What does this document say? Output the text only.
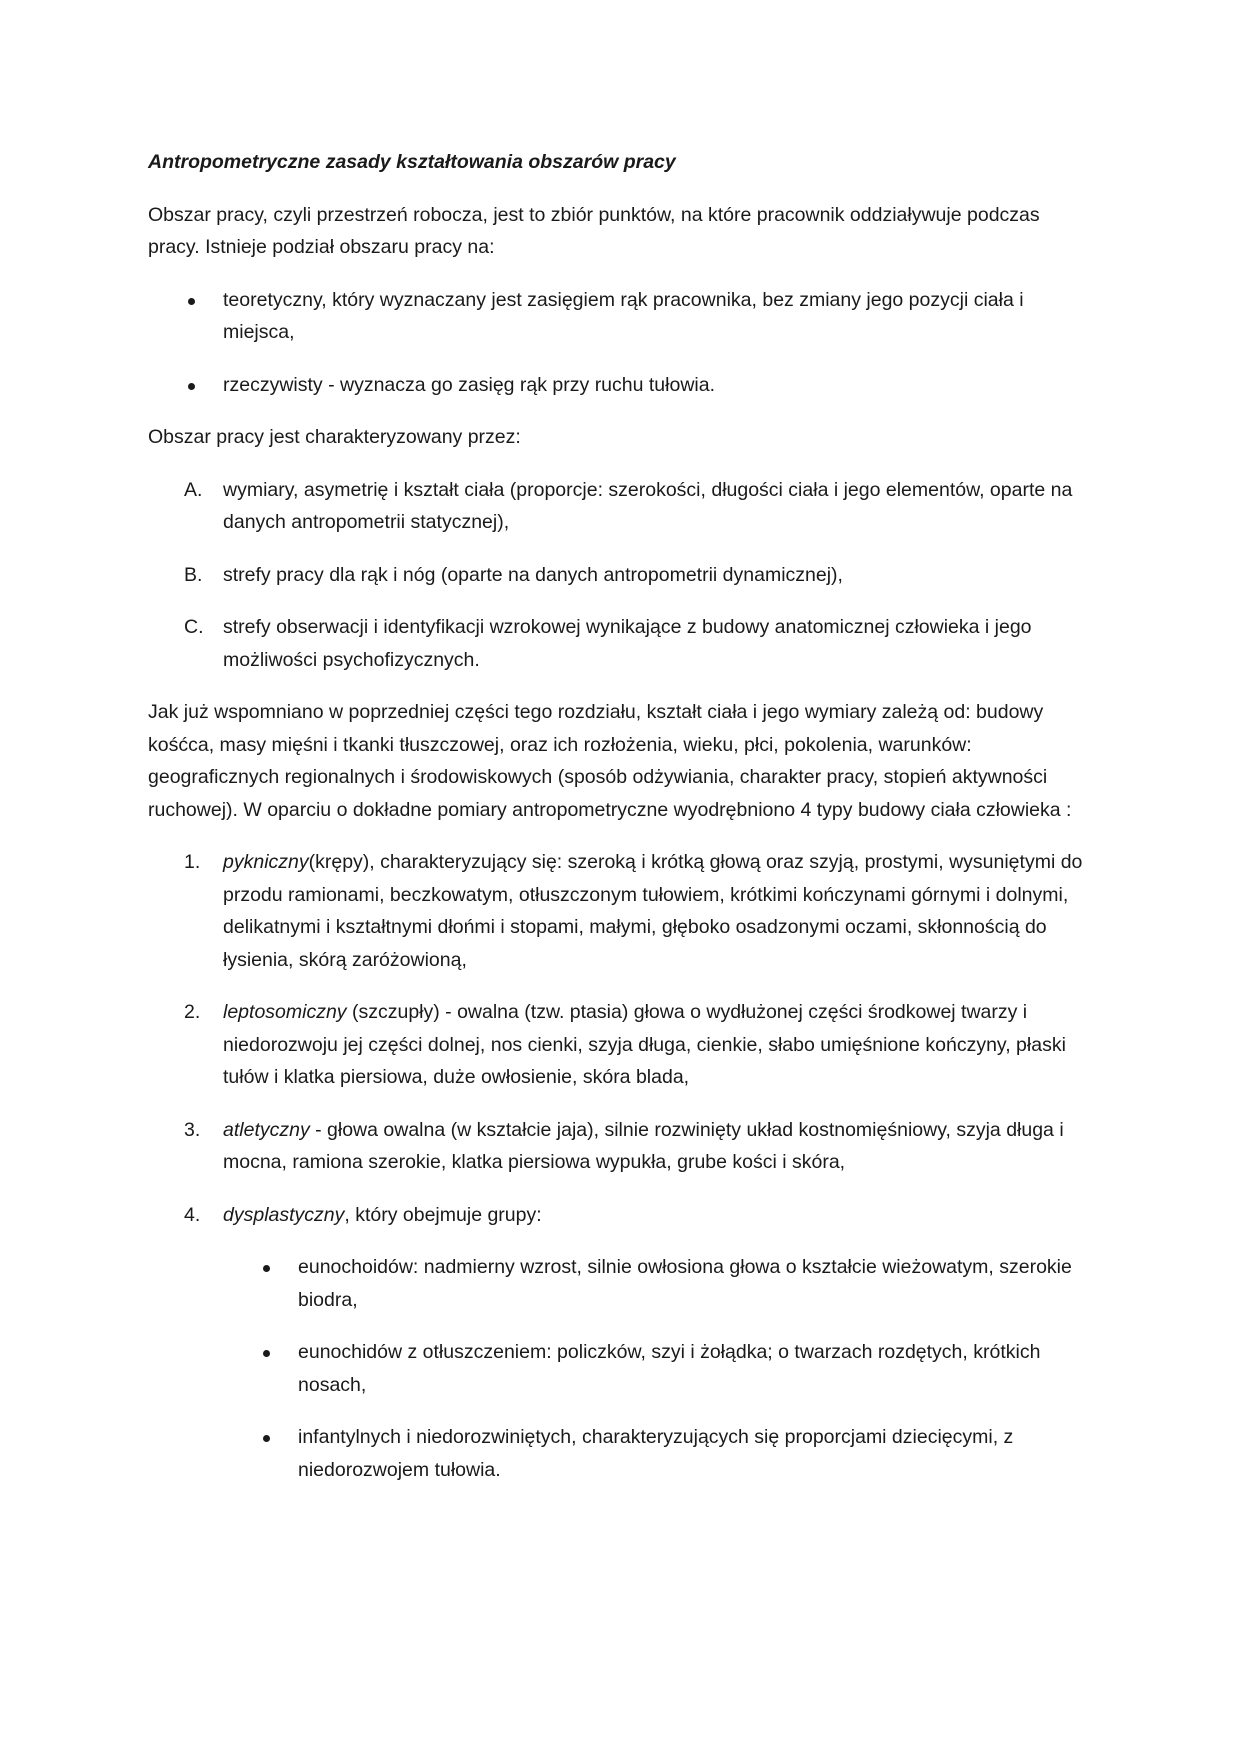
Antropometryczne zasady kształtowania obszarów pracy

Obszar pracy, czyli przestrzeń robocza, jest to zbiór punktów, na które pracownik oddziaływuje podczas pracy. Istnieje podział obszaru pracy na:

teoretyczny, który wyznaczany jest zasięgiem rąk pracownika, bez zmiany jego pozycji ciała i miejsca,
rzeczywisty - wyznacza go zasięg rąk przy ruchu tułowia.

Obszar pracy jest charakteryzowany przez:

A. wymiary, asymetrię i kształt ciała (proporcje: szerokości, długości ciała i jego elementów, oparte na danych antropometrii statycznej),
B. strefy pracy dla rąk i nóg (oparte na danych antropometrii dynamicznej),
C. strefy obserwacji i identyfikacji wzrokowej wynikające z budowy anatomicznej człowieka i jego możliwości psychofizycznych.

Jak już wspomniano w poprzedniej części tego rozdziału, kształt ciała i jego wymiary zależą od: budowy kośćca, masy mięśni i tkanki tłuszczowej, oraz ich rozłożenia, wieku, płci, pokolenia, warunków: geograficznych regionalnych i środowiskowych (sposób odżywiania, charakter pracy, stopień aktywności ruchowej). W oparciu o dokładne pomiary antropometryczne wyodrębniono 4 typy budowy ciała człowieka :

1. pykniczny(krępy), charakteryzujący się: szeroką i krótką głową oraz szyją, prostymi, wysuniętymi do przodu ramionami, beczkowatym, otłuszczonym tułowiem, krótkimi kończynami górnymi i dolnymi, delikatnymi i kształtnymi dłońmi i stopami, małymi, głęboko osadzonymi oczami, skłonnością do łysienia, skórą zaróżowioną,
2. leptosomiczny (szczupły) - owalna (tzw. ptasia) głowa o wydłużonej części środkowej twarzy i niedorozwoju jej części dolnej, nos cienki, szyja długa, cienkie, słabo umięśnione kończyny, płaski tułów i klatka piersiowa, duże owłosienie, skóra blada,
3. atletyczny - głowa owalna (w kształcie jaja), silnie rozwinięty układ kostnomięśniowy, szyja długa i mocna, ramiona szerokie, klatka piersiowa wypukła, grube kości i skóra,
4. dysplastyczny, który obejmuje grupy:
eunochoidów: nadmierny wzrost, silnie owłosiona głowa o kształcie wieżowatym, szerokie biodra,
eunochidów z otłuszczeniem: policzków, szyi i żołądka; o twarzach rozdętych, krótkich nosach,
infantylnych i niedorozwiniętych, charakteryzujących się proporcjami dziecięcymi, z niedorozwojem tułowia.
